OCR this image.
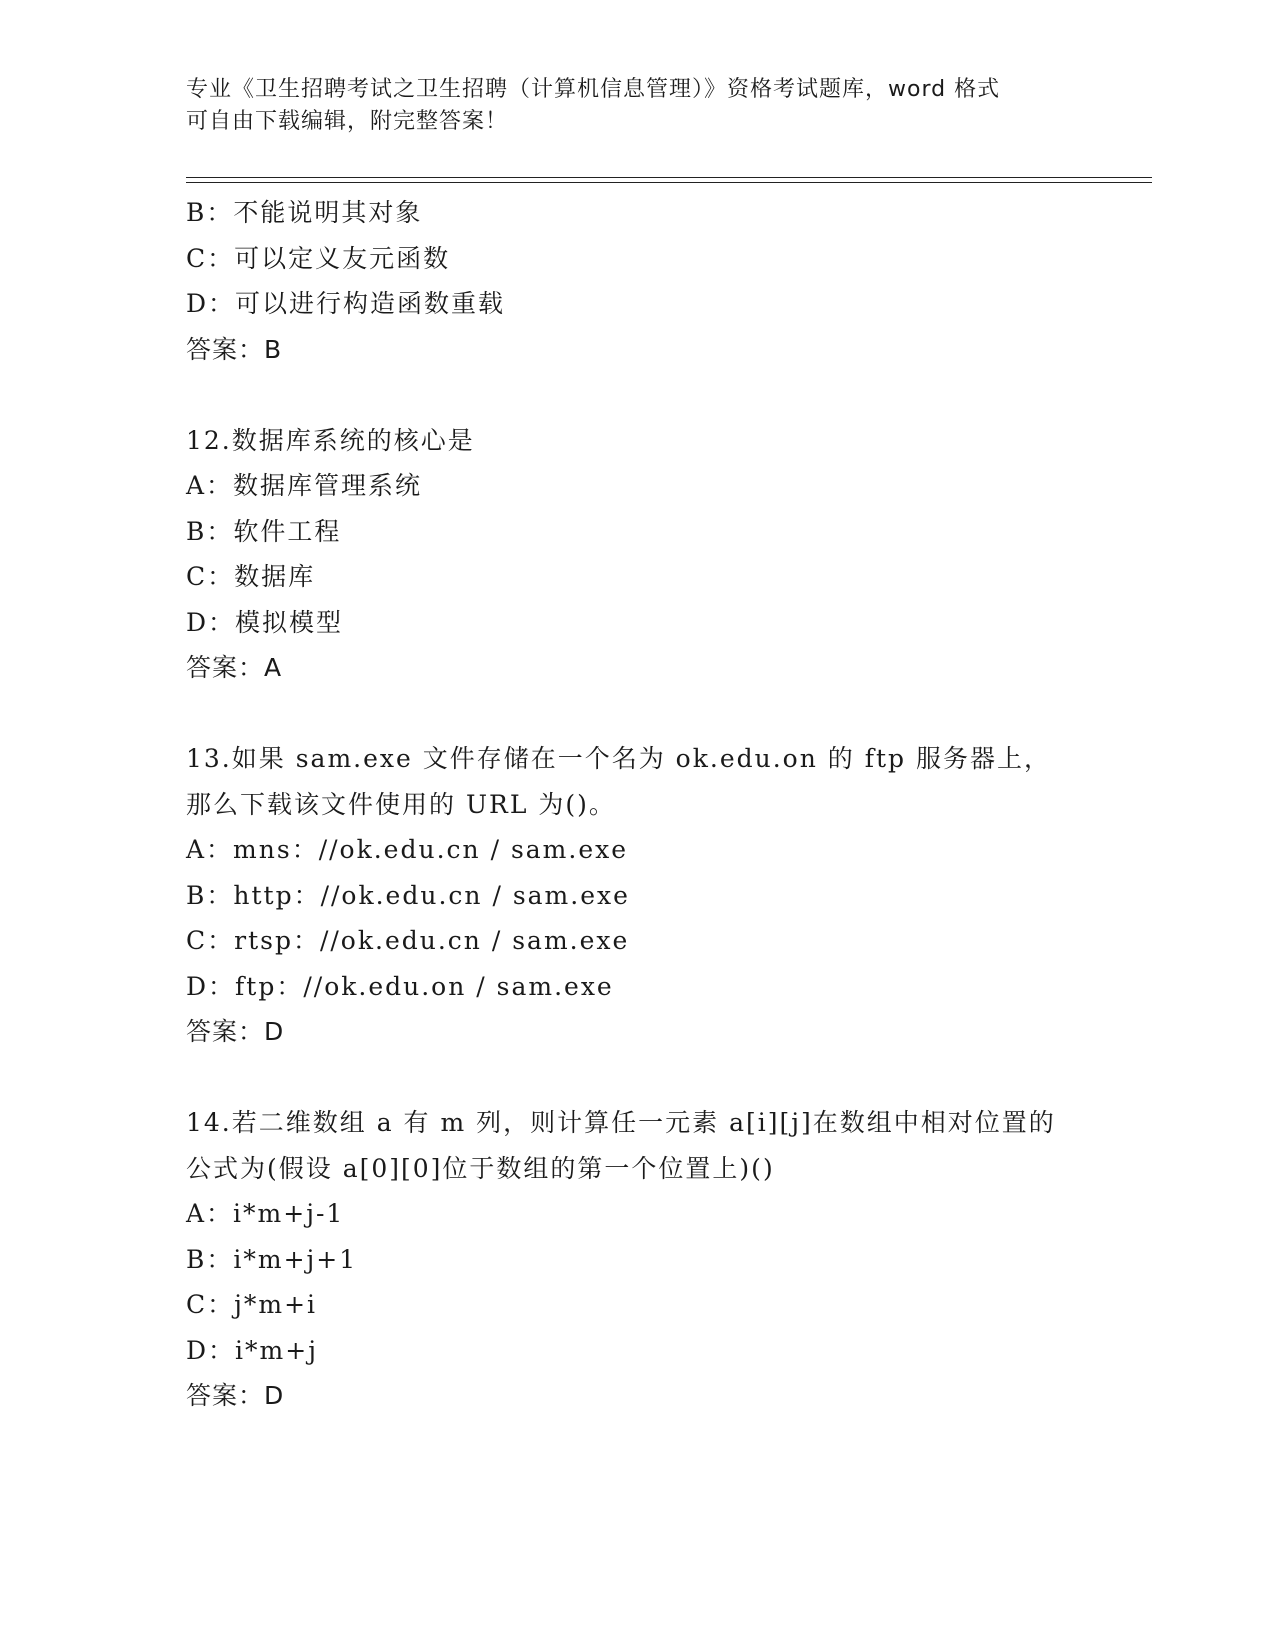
专业《卫生招聘考试之卫生招聘（计算机信息管理）》资格考试题库，word 格式
可自由下载编辑，附完整答案！
B：不能说明其对象
C：可以定义友元函数
D：可以进行构造函数重载
答案：B
12.数据库系统的核心是
A：数据库管理系统
B：软件工程
C：数据库
D：模拟模型
答案：A
13.如果 sam.exe 文件存储在一个名为 ok.edu.on 的 ftp 服务器上，那么下载该文件使用的 URL 为()。
A：mns：//ok.edu.cn / sam.exe
B：http：//ok.edu.cn / sam.exe
C：rtsp：//ok.edu.cn / sam.exe
D：ftp：//ok.edu.on / sam.exe
答案：D
14.若二维数组 a 有 m 列，则计算任一元素 a[i][j]在数组中相对位置的公式为(假设 a[0][0]位于数组的第一个位置上)()
A：i*m+j-1
B：i*m+j+1
C：j*m+i
D：i*m+j
答案：D
